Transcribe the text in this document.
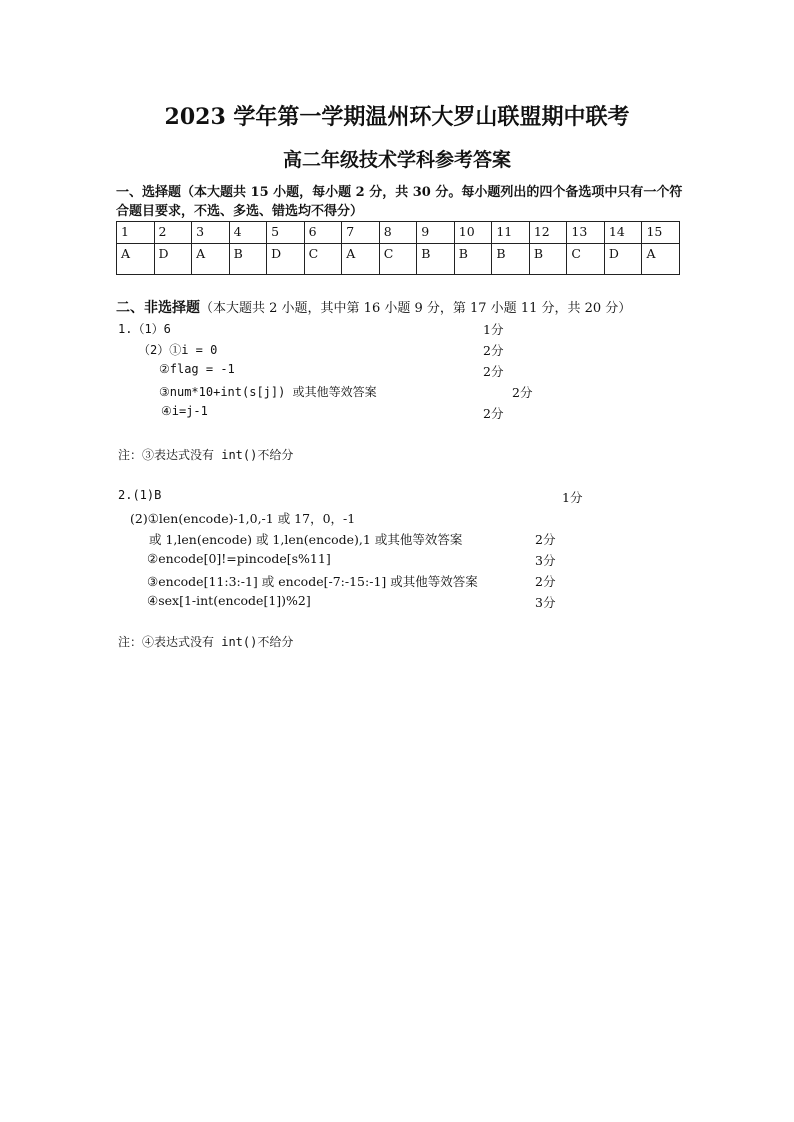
2023 学年第一学期温州环大罗山联盟期中联考
高二年级技术学科参考答案
一、选择题（本大题共 15 小题，每小题 2 分，共 30 分。每小题列出的四个备选项中只有一个符合题目要求，不选、多选、错选均不得分）
1	2	3	4	5	6	7	8	9	10	11	12	13	14	15
A	D	A	B	D	C	A	C	B	B	B	B	C	D	A
二、非选择题（本大题共 2 小题，其中第 16 小题 9 分，第 17 小题 11 分，共 20 分）
1.（1）6	1分
（2）①i = 0	2分
②flag = -1	2分
③num*10+int(s[j]) 或其他等效答案	2分
④i=j-1	2分
注：③表达式没有 int()不给分
2.(1)B	1分
(2)①len(encode)-1,0,-1 或 17，0，-1
或 1,len(encode) 或 1,len(encode),1 或其他等效答案	2分
②encode[0]!=pincode[s%11]	3分
③encode[11:3:-1] 或 encode[-7:-15:-1] 或其他等效答案	2分
④sex[1-int(encode[1])%2]	3分
注：④表达式没有 int()不给分
